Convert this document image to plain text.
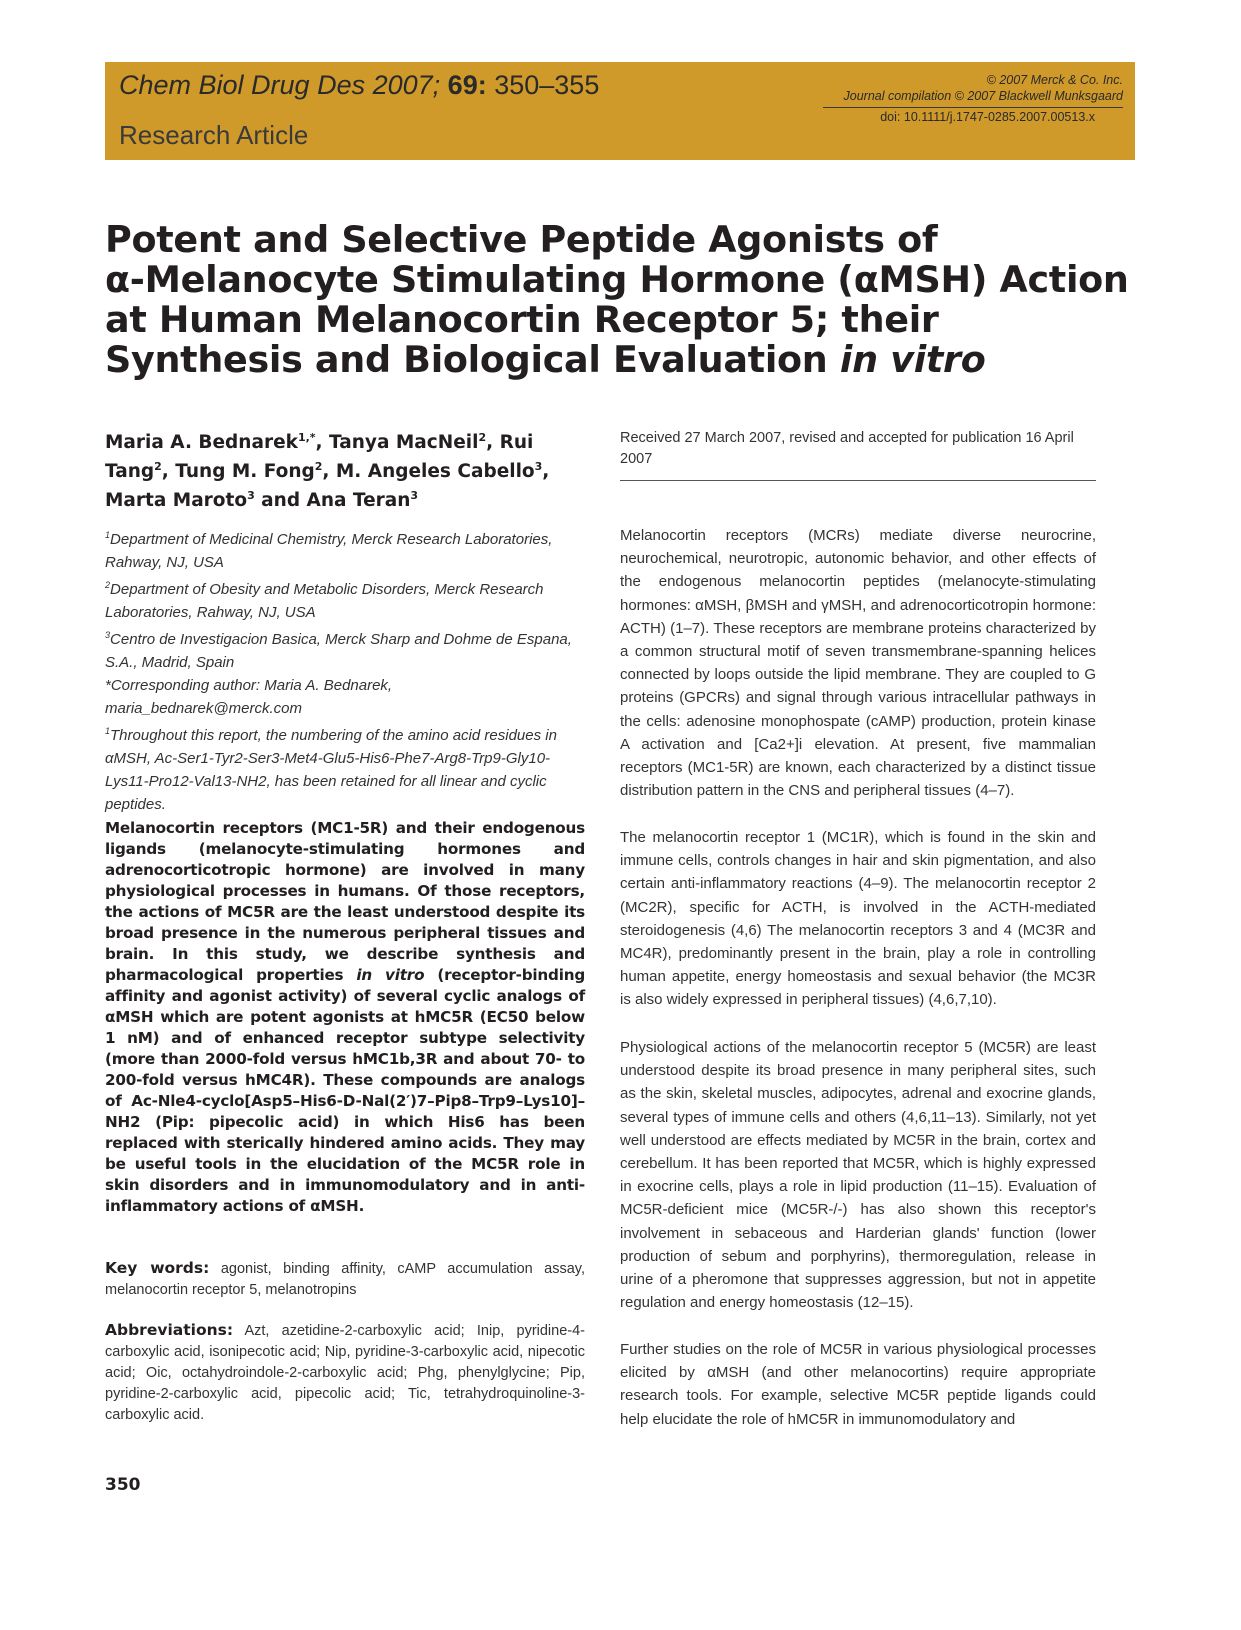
Chem Biol Drug Des 2007; 69: 350–355
Research Article
© 2007 Merck & Co. Inc.
Journal compilation © 2007 Blackwell Munksgaard
doi: 10.1111/j.1747-0285.2007.00513.x
Potent and Selective Peptide Agonists of
α-Melanocyte Stimulating Hormone (αMSH) Action
at Human Melanocortin Receptor 5; their
Synthesis and Biological Evaluation in vitro
Maria A. Bednarek$^{1,*}$, Tanya MacNeil$^2$, Rui Tang$^2$, Tung M. Fong$^2$, M. Angeles Cabello$^3$, Marta Maroto$^3$ and Ana Teran$^3$

$^1$Department of Medicinal Chemistry, Merck Research Laboratories, Rahway, NJ, USA

$^2$Department of Obesity and Metabolic Disorders, Merck Research Laboratories, Rahway, NJ, USA

$^3$Centro de Investigacion Basica, Merck Sharp and Dohme de Espana, S.A., Madrid, Spain

*Corresponding author: Maria A. Bednarek, maria_bednarek@merck.com

$^1$Throughout this report, the numbering of the amino acid residues in αMSH, Ac-Ser1-Tyr2-Ser3-Met4-Glu5-His6-Phe7-Arg8-Trp9-Gly10-Lys11-Pro12-Val13-NH2, has been retained for all linear and cyclic peptides.

Melanocortin receptors (MC1-5R) and their endogenous ligands (melanocyte-stimulating hormones and adrenocorticotropic hormone) are involved in many physiological processes in humans. Of those receptors, the actions of MC5R are the least understood despite its broad presence in the numerous peripheral tissues and brain. In this study, we describe synthesis and pharmacological properties in vitro (receptor-binding affinity and agonist activity) of several cyclic analogs of αMSH which are potent agonists at hMC5R (EC50 below 1 nM) and of enhanced receptor subtype selectivity (more than 2000-fold versus hMC1b,3R and about 70- to 200-fold versus hMC4R). These compounds are analogs of Ac-Nle4-cyclo[Asp5–His6-D-Nal(2′)7–Pip8–Trp9–Lys10]–NH2 (Pip: pipecolic acid) in which His6 has been replaced with sterically hindered amino acids. They may be useful tools in the elucidation of the MC5R role in skin disorders and in immunomodulatory and in anti-inflammatory actions of αMSH.
Key words: agonist, binding affinity, cAMP accumulation assay, melanocortin receptor 5, melanotropins
Abbreviations: Azt, azetidine-2-carboxylic acid; Inip, pyridine-4-carboxylic acid, isonipecotic acid; Nip, pyridine-3-carboxylic acid, nipecotic acid; Oic, octahydroindole-2-carboxylic acid; Phg, phenylglycine; Pip, pyridine-2-carboxylic acid, pipecolic acid; Tic, tetrahydroquinoline-3-carboxylic acid.
350
Received 27 March 2007, revised and accepted for publication 16 April 2007

Melanocortin receptors (MCRs) mediate diverse neurocrine, neurochemical, neurotropic, autonomic behavior, and other effects of the endogenous melanocortin peptides (melanocyte-stimulating hormones: αMSH, βMSH and γMSH, and adrenocorticotropin hormone: ACTH) (1–7). These receptors are membrane proteins characterized by a common structural motif of seven transmembrane-spanning helices connected by loops outside the lipid membrane. They are coupled to G proteins (GPCRs) and signal through various intracellular pathways in the cells: adenosine monophospate (cAMP) production, protein kinase A activation and [Ca2+]i elevation. At present, five mammalian receptors (MC1-5R) are known, each characterized by a distinct tissue distribution pattern in the CNS and peripheral tissues (4–7).

The melanocortin receptor 1 (MC1R), which is found in the skin and immune cells, controls changes in hair and skin pigmentation, and also certain anti-inflammatory reactions (4–9). The melanocortin receptor 2 (MC2R), specific for ACTH, is involved in the ACTH-mediated steroidogenesis (4,6) The melanocortin receptors 3 and 4 (MC3R and MC4R), predominantly present in the brain, play a role in controlling human appetite, energy homeostasis and sexual behavior (the MC3R is also widely expressed in peripheral tissues) (4,6,7,10).

Physiological actions of the melanocortin receptor 5 (MC5R) are least understood despite its broad presence in many peripheral sites, such as the skin, skeletal muscles, adipocytes, adrenal and exocrine glands, several types of immune cells and others (4,6,11–13). Similarly, not yet well understood are effects mediated by MC5R in the brain, cortex and cerebellum. It has been reported that MC5R, which is highly expressed in exocrine cells, plays a role in lipid production (11–15). Evaluation of MC5R-deficient mice (MC5R-/-) has also shown this receptor's involvement in sebaceous and Harderian glands' function (lower production of sebum and porphyrins), thermoregulation, release in urine of a pheromone that suppresses aggression, but not in appetite regulation and energy homeostasis (12–15).

Further studies on the role of MC5R in various physiological processes elicited by αMSH (and other melanocortins) require appropriate research tools. For example, selective MC5R peptide ligands could help elucidate the role of hMC5R in immunomodulatory and
